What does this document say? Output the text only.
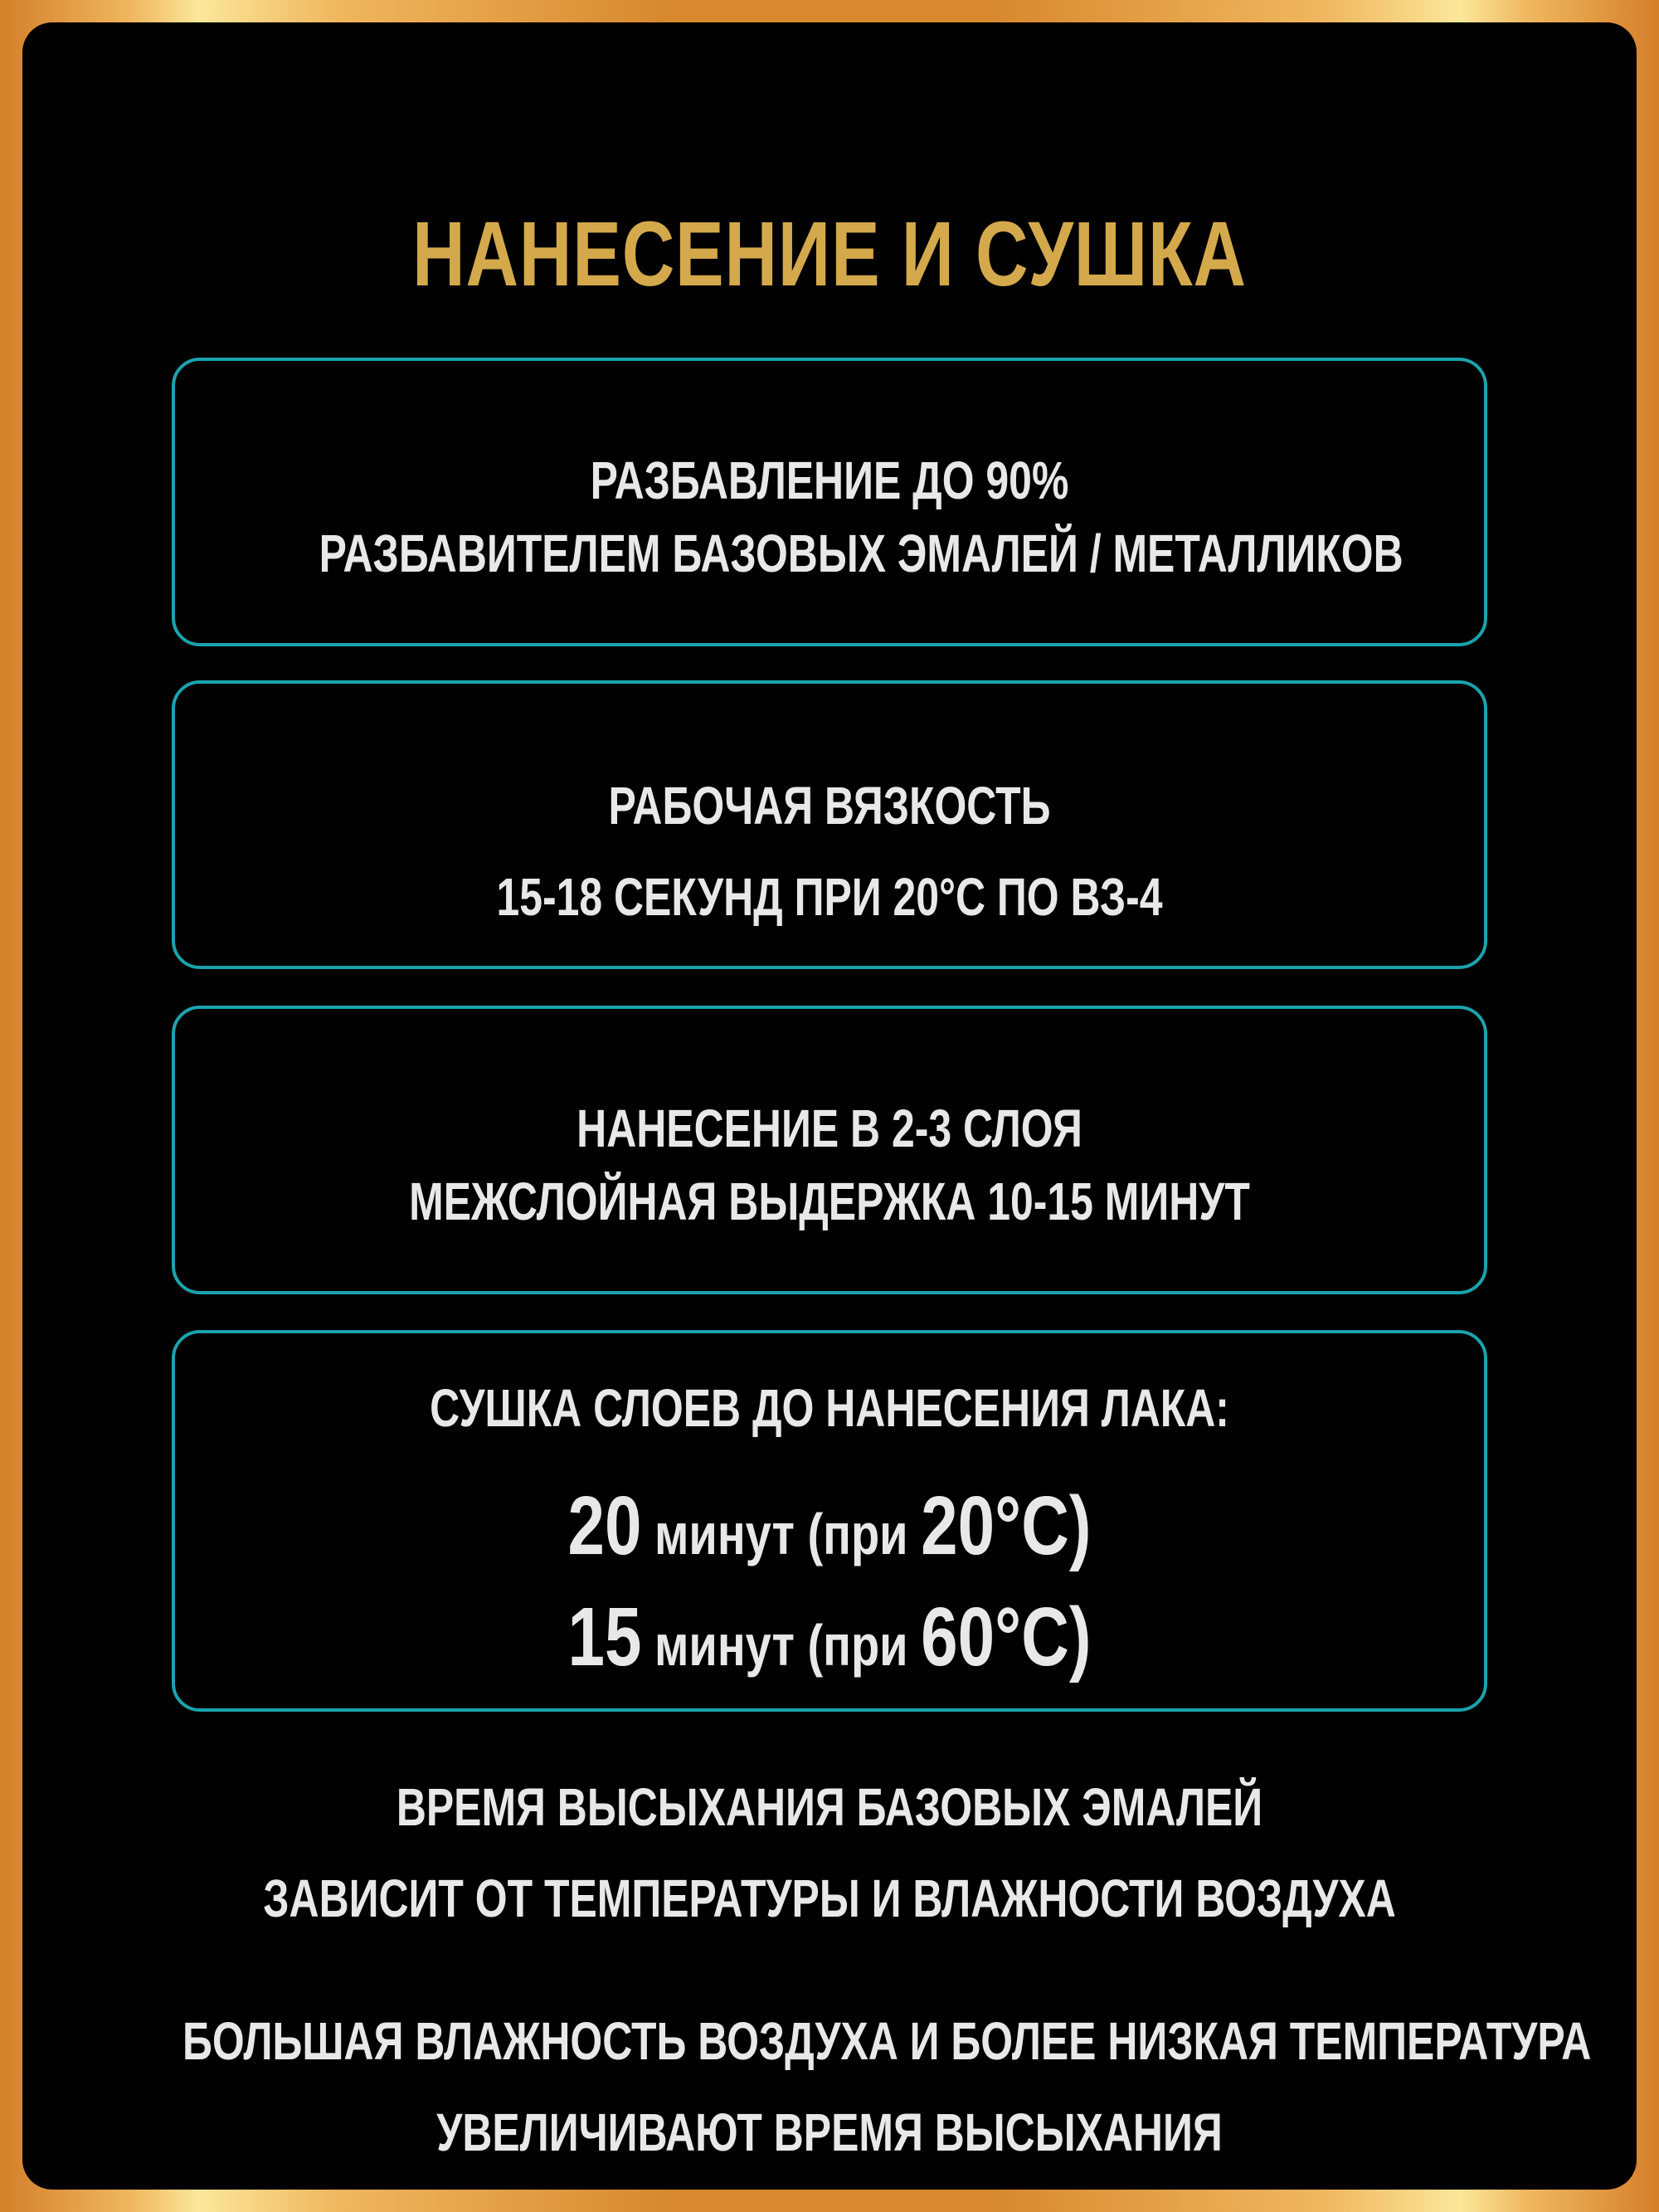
НАНЕСЕНИЕ И СУШКА
РАЗБАВЛЕНИЕ ДО 90%
РАЗБАВИТЕЛЕМ БАЗОВЫХ ЭМАЛЕЙ / МЕТАЛЛИКОВ
РАБОЧАЯ ВЯЗКОСТЬ
15-18 СЕКУНД ПРИ 20°С ПО ВЗ-4
НАНЕСЕНИЕ В 2-3 СЛОЯ
МЕЖСЛОЙНАЯ ВЫДЕРЖКА 10-15 МИНУТ
СУШКА СЛОЕВ ДО НАНЕСЕНИЯ ЛАКА:
20 минут (при 20°С)
15 минут (при 60°С)
ВРЕМЯ ВЫСЫХАНИЯ БАЗОВЫХ ЭМАЛЕЙ
ЗАВИСИТ ОТ ТЕМПЕРАТУРЫ И ВЛАЖНОСТИ ВОЗДУХА
БОЛЬШАЯ ВЛАЖНОСТЬ ВОЗДУХА И БОЛЕЕ НИЗКАЯ ТЕМПЕРАТУРА
УВЕЛИЧИВАЮТ ВРЕМЯ ВЫСЫХАНИЯ
